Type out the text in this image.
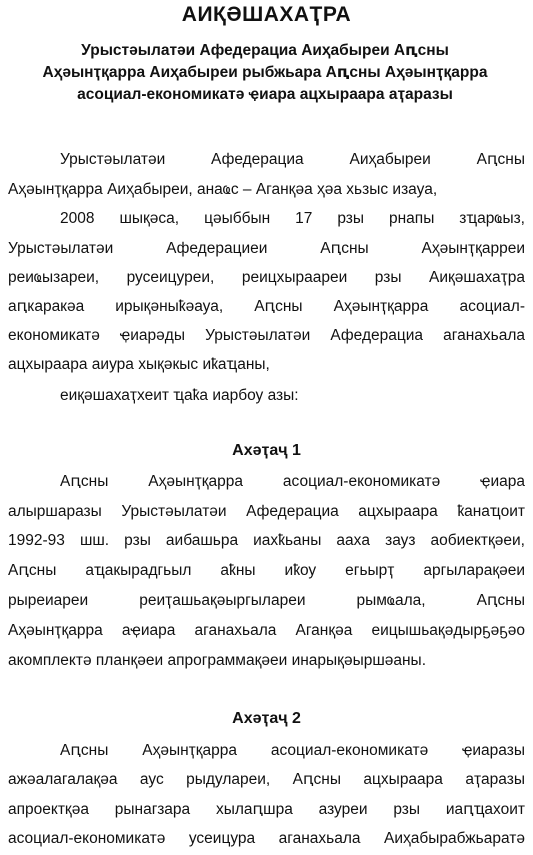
АИҚӘШАХАҬРА
Урыстәылатәи Афедерациа Аиҳабыреи Аԥсны
Аҳәынҭқарра Аиҳабыреи рыбжьара Аԥсны Аҳәынҭқарра
асоциал-економикатә ҿиара ацхыраара аҭаразы
Урыстәылатәи Афедерациа Аиҳабыреи Аԥсны
Аҳәынҭқарра Аиҳабыреи, анаҩс – Аганқәа ҳәа хьзыс изауа,
2008 шықәса, цәыббын 17 рзы рнапы зҵарҩыз,
Урыстәылатәи Афедерациеи Аԥсны Аҳәынҭқарреи
реиҩызареи, русеицуреи, реицхыраареи рзы Аиқәшахаҭра
аԥкаракәа ирықәныҟәауа, Аԥсны Аҳәынҭқарра асоциал-
економикатә ҿиарәды Урыстәылатәи Афедерациа аганахьала
ацхыраара аиура хықәкыс иҟаҵаны,
еиқәшахаҭхеит ҵаҟа иарбоу азы:
Ахәҭаҷ 1
Аԥсны Аҳәынҭқарра асоциал-економикатә ҿиара
алыршаразы Урыстәылатәи Афедерациа ацхыраара ҟанаҵоит
1992-93 шш. рзы аибашьра иахҟьаны аахa зауз аобиектқәеи,
Аԥсны аҵакырадгьыл аҟны иҟоу егьырҭ аргыларақәеи
рыреиареи реиҭашьақәыргылареи рымҩала, Аԥсны
Аҳәынҭқарра аҿиара аганахьала Аганқәа еицышьақәдырҕәҕәо
акомплектә планқәеи апрограммақәеи инарықәыршәаны.
Ахәҭаҷ 2
Аԥсны Аҳәынҭқарра асоциал-економикатә ҿиаразы
ажәалагалақәа аус рыдуларeи, Аԥсны ацхыраара аҭаразы
апроектқәа рынагзара хылаԥшра азуреи рзы иаԥҵахоит
асоциал-економикатә усеицура аганахьала Аиҳабырабжьаратә
